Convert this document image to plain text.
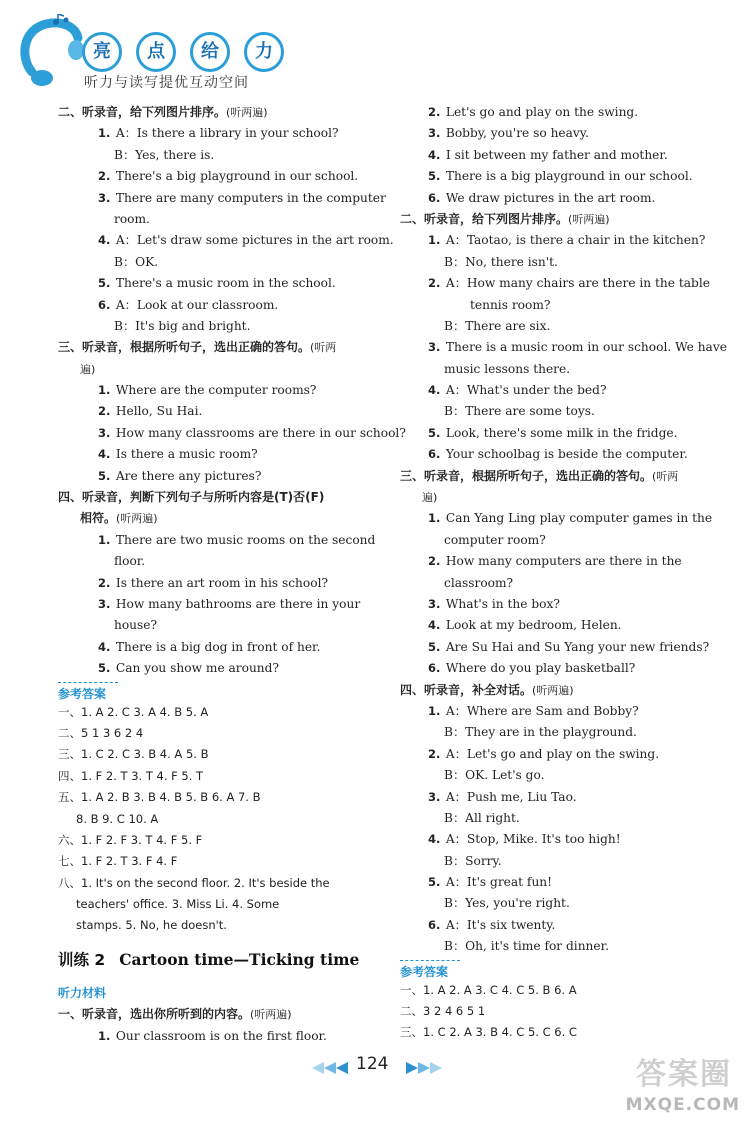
亮	点	给	力
听力与读写提优互动空间
二、听录音，给下列图片排序。(听两遍)
1. A：Is there a library in your school?
B：Yes, there is.
2. There's a big playground in our school.
3. There are many computers in the computer
room.
4. A：Let's draw some pictures in the art room.
B：OK.
5. There's a music room in the school.
6. A：Look at our classroom.
B：It's big and bright.
三、听录音，根据所听句子，选出正确的答句。(听两
遍)
1. Where are the computer rooms?
2. Hello, Su Hai.
3. How many classrooms are there in our school?
4. Is there a music room?
5. Are there any pictures?
四、听录音，判断下列句子与所听内容是(T)否(F)
相符。(听两遍)
1. There are two music rooms on the second
floor.
2. Is there an art room in his school?
3. How many bathrooms are there in your
house?
4. There is a big dog in front of her.
5. Can you show me around?
参考答案
一、1. A 2. C 3. A 4. B 5. A
二、5 1 3 6 2 4
三、1. C 2. C 3. B 4. A 5. B
四、1. F 2. T 3. T 4. F 5. T
五、1. A 2. B 3. B 4. B 5. B 6. A 7. B
8. B 9. C 10. A
六、1. F 2. F 3. T 4. F 5. F
七、1. F 2. T 3. F 4. F
八、1. It's on the second floor. 2. It's beside the
teachers' office. 3. Miss Li. 4. Some
stamps. 5. No, he doesn't.
训练 2 Cartoon time—Ticking time
听力材料
一、听录音，选出你所听到的内容。(听两遍)
1. Our classroom is on the first floor.
2. Let's go and play on the swing.
3. Bobby, you're so heavy.
4. I sit between my father and mother.
5. There is a big playground in our school.
6. We draw pictures in the art room.
二、听录音，给下列图片排序。(听两遍)
1. A：Taotao, is there a chair in the kitchen?
B：No, there isn't.
2. A：How many chairs are there in the table
tennis room?
B：There are six.
3. There is a music room in our school. We have
music lessons there.
4. A：What's under the bed?
B：There are some toys.
5. Look, there's some milk in the fridge.
6. Your schoolbag is beside the computer.
三、听录音，根据所听句子，选出正确的答句。(听两
遍)
1. Can Yang Ling play computer games in the
computer room?
2. How many computers are there in the
classroom?
3. What's in the box?
4. Look at my bedroom, Helen.
5. Are Su Hai and Su Yang your new friends?
6. Where do you play basketball?
四、听录音，补全对话。(听两遍)
1. A：Where are Sam and Bobby?
B：They are in the playground.
2. A：Let's go and play on the swing.
B：OK. Let's go.
3. A：Push me, Liu Tao.
B：All right.
4. A：Stop, Mike. It's too high!
B：Sorry.
5. A：It's great fun!
B：Yes, you're right.
6. A：It's six twenty.
B：Oh, it's time for dinner.
参考答案
一、1. A 2. A 3. C 4. C 5. B 6. A
二、3 2 4 6 5 1
三、1. C 2. A 3. B 4. C 5. C 6. C
124	答案圈
MXQE.COM
